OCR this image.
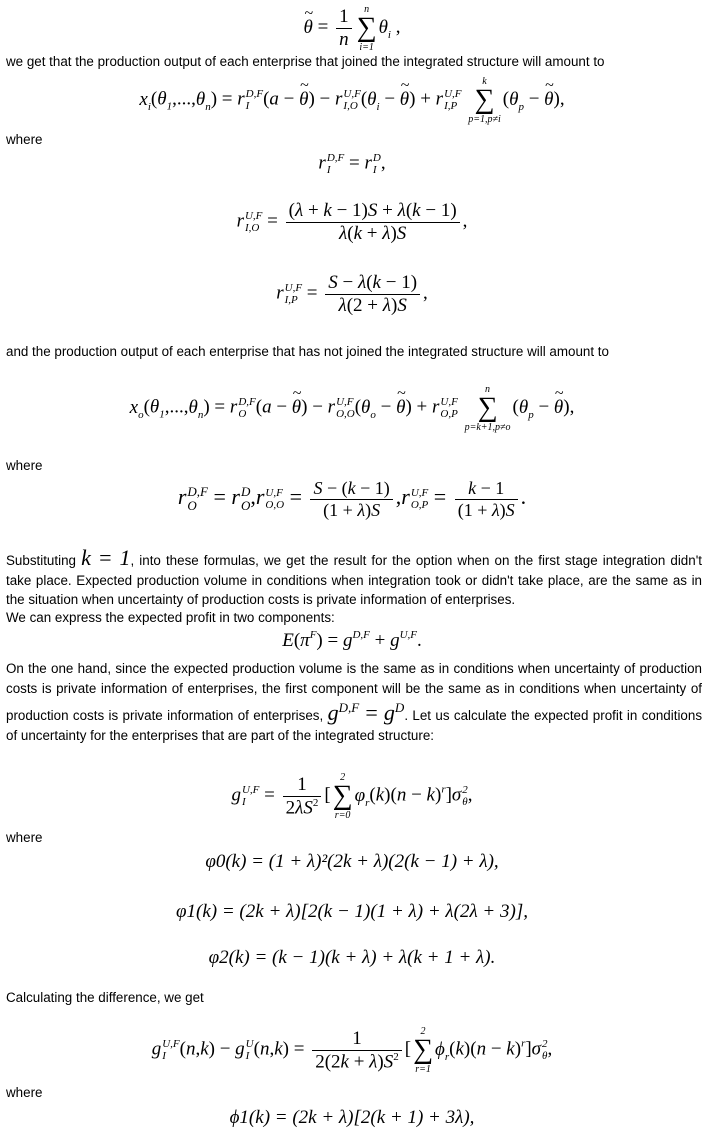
~ $\theta = \frac{1}{n}$	n
∑
i=1
$\theta_i$ ,

we get that the production output of each enterprise that joined the integrated structure will amount to

$x_i(\theta_1,...,\theta_n) = r$ D,F
I (a − ~ θ) − r U,F
I,O ($\theta_i$ − ~ θ) + r U,F
I,P

k
∑
p=1,p≠i
($\theta_p$ − ~ θ),

where

r D,F
I = r D
I ,
r U,F
$I,O = \frac{(\lambda + k - 1)S + \lambda(k - 1)}{\lambda(k + \lambda)S}$ ,
r U,F
$I,P = \frac{S - \lambda(k - 1)}{\lambda(2 + \lambda)S}$ ,

and the production output of each enterprise that has not joined the integrated structure will amount to

$x_o(\theta_1,...,\theta_n) = r$ D,F
O (a − ~ θ) − r U,F
O,O ($\theta_o$ − ~ θ) + r U,F
O,P

n
∑
p=k+1,p≠o
($\theta_p$ − ~ θ),

where

r D,F
O = r D
O ,r U,F
$O,O = \frac{S - (k - 1)}{(1 + \lambda)S} ,r$ U,F
$O,P = \frac{k - 1}{(1 + \lambda)S}$ .

Substituting k = 1, into these formulas, we get the result for the option when on the first stage integration didn't take place. Expected production volume in conditions when integration took or didn't take place, are the same as in the situation when uncertainty of production costs is private information of enterprises.

We can express the expected profit in two components:

$E(\pi^F) = g^{D,F} + g^{U,F}$.

On the one hand, since the expected production volume is the same as in conditions when uncertainty of production costs is private information of enterprises, the first component will be the same as in conditions when uncertainty of production costs is private information of enterprises, $g^{D,F} = g^D$. Let us calculate the expected profit in conditions of uncertainty for the enterprises that are part of the integrated structure:

g U,F
$I = \frac{1}{2\lambda S^2}$ [
2
∑
r=0
$\varphi_r(k)(n - k)^r]\sigma$ 2
θ ,

where

φ0(k) = (1 + λ)²(2k + λ)(2(k − 1) + λ),
φ1(k) = (2k + λ)[2(k − 1)(1 + λ) + λ(2λ + 3)],
φ2(k) = (k − 1)(k + λ) + λ(k + 1 + λ).

Calculating the difference, we get

g U,F
I (n,k) − g U
I $(n,k) = \frac{1}{2(2k + \lambda)S^2}$ [
2
∑
r=1
$\phi_r(k)(n - k)^r]\sigma$ 2
θ ,

where

ϕ1(k) = (2k + λ)[2(k + 1) + 3λ),
